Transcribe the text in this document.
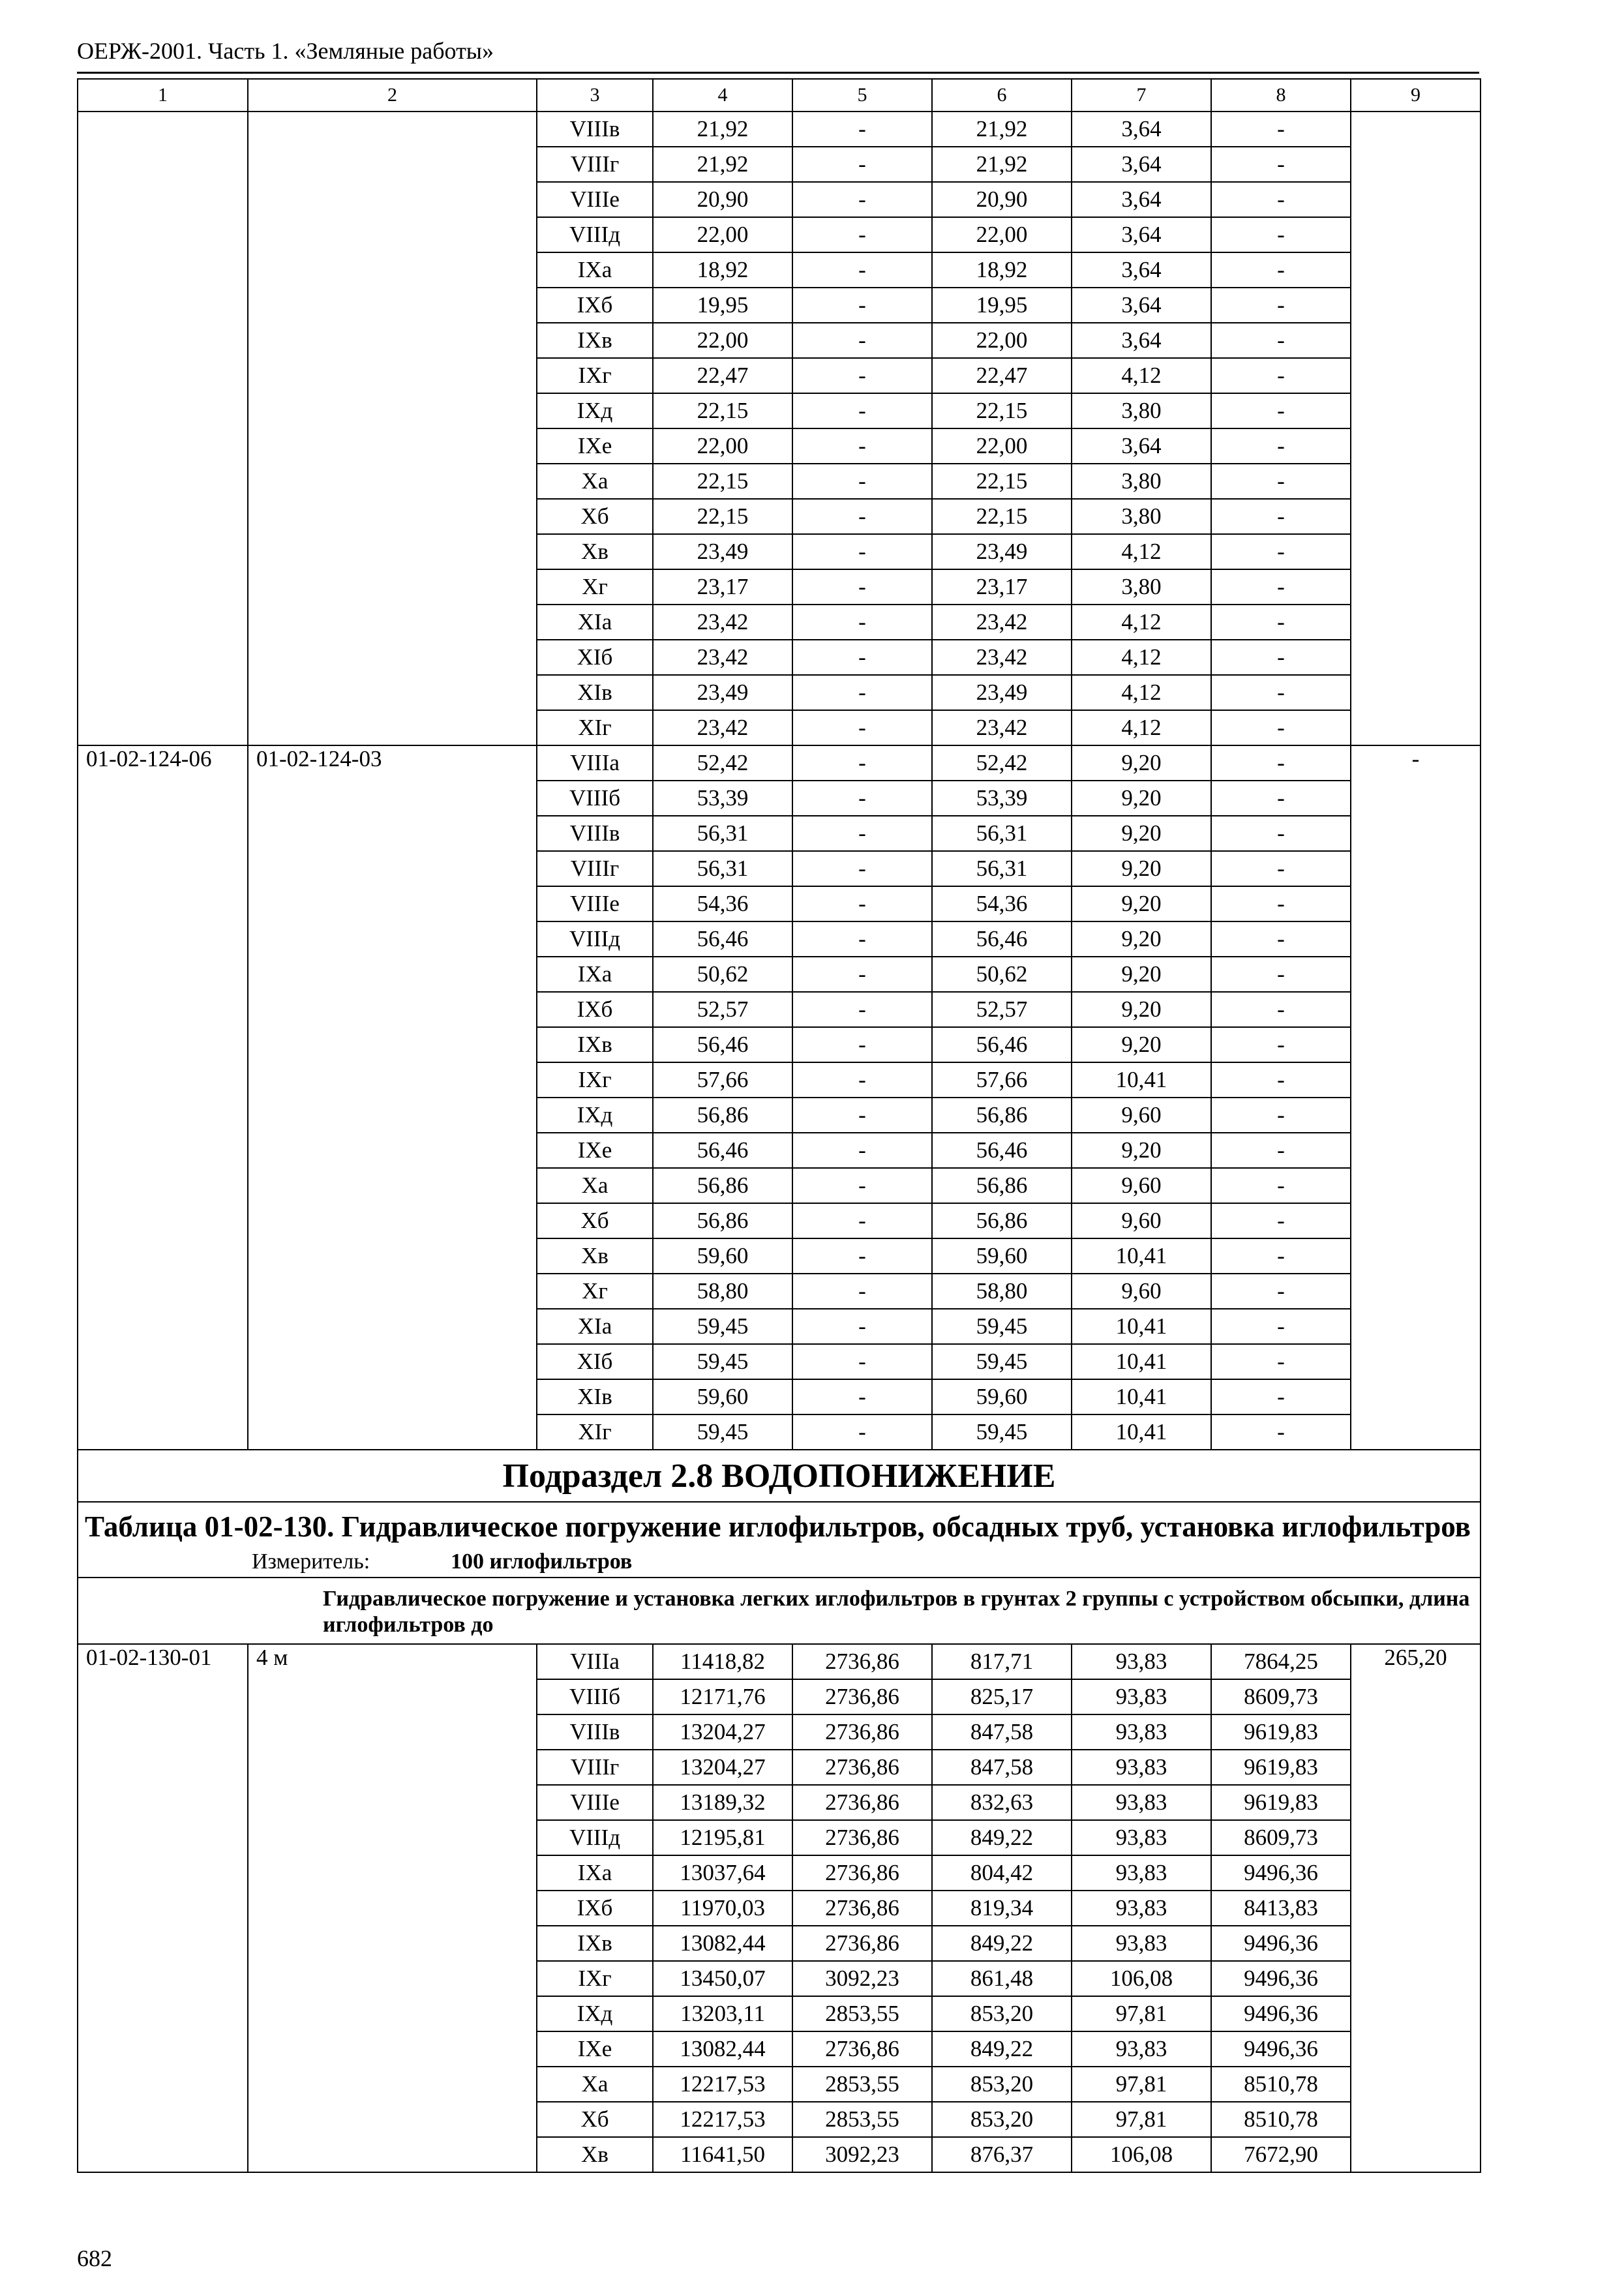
ОЕРЖ-2001. Часть 1. «Земляные работы»
1	2	3	4	5	6	7	8	9
		VIIIв	21,92	-	21,92	3,64	-	
		VIIIг	21,92	-	21,92	3,64	-	
		VIIIе	20,90	-	20,90	3,64	-	
		VIIIд	22,00	-	22,00	3,64	-	
		IXа	18,92	-	18,92	3,64	-	
		IXб	19,95	-	19,95	3,64	-	
		IXв	22,00	-	22,00	3,64	-	
		IXг	22,47	-	22,47	4,12	-	
		IXд	22,15	-	22,15	3,80	-	
		IXе	22,00	-	22,00	3,64	-	
		Xа	22,15	-	22,15	3,80	-	
		Xб	22,15	-	22,15	3,80	-	
		Xв	23,49	-	23,49	4,12	-	
		Xг	23,17	-	23,17	3,80	-	
		XIа	23,42	-	23,42	4,12	-	
		XIб	23,42	-	23,42	4,12	-	
		XIв	23,49	-	23,49	4,12	-	
		XIг	23,42	-	23,42	4,12	-	
01-02-124-06	01-02-124-03	VIIIа	52,42	-	52,42	9,20	-	-
		VIIIб	53,39	-	53,39	9,20	-	
		VIIIв	56,31	-	56,31	9,20	-	
		VIIIг	56,31	-	56,31	9,20	-	
		VIIIе	54,36	-	54,36	9,20	-	
		VIIIд	56,46	-	56,46	9,20	-	
		IXа	50,62	-	50,62	9,20	-	
		IXб	52,57	-	52,57	9,20	-	
		IXв	56,46	-	56,46	9,20	-	
		IXг	57,66	-	57,66	10,41	-	
		IXд	56,86	-	56,86	9,60	-	
		IXе	56,46	-	56,46	9,20	-	
		Xа	56,86	-	56,86	9,60	-	
		Xб	56,86	-	56,86	9,60	-	
		Xв	59,60	-	59,60	10,41	-	
		Xг	58,80	-	58,80	9,60	-	
		XIа	59,45	-	59,45	10,41	-	
		XIб	59,45	-	59,45	10,41	-	
		XIв	59,60	-	59,60	10,41	-	
		XIг	59,45	-	59,45	10,41	-	
Подраздел 2.8 ВОДОПОНИЖЕНИЕ								
Таблица 01-02-130. Гидравлическое погружение иглофильтров, обсадных труб, установка иглофильтров								
Измеритель: 100 иглофильтров								
Гидравлическое погружение и установка легких иглофильтров в грунтах 2 группы с устройством обсыпки, длина иглофильтров до								
01-02-130-01	4 м	VIIIа	11418,82	2736,86	817,71	93,83	7864,25	265,20
		VIIIб	12171,76	2736,86	825,17	93,83	8609,73	
		VIIIв	13204,27	2736,86	847,58	93,83	9619,83	
		VIIIг	13204,27	2736,86	847,58	93,83	9619,83	
		VIIIе	13189,32	2736,86	832,63	93,83	9619,83	
		VIIIд	12195,81	2736,86	849,22	93,83	8609,73	
		IXа	13037,64	2736,86	804,42	93,83	9496,36	
		IXб	11970,03	2736,86	819,34	93,83	8413,83	
		IXв	13082,44	2736,86	849,22	93,83	9496,36	
		IXг	13450,07	3092,23	861,48	106,08	9496,36	
		IXд	13203,11	2853,55	853,20	97,81	9496,36	
		IXе	13082,44	2736,86	849,22	93,83	9496,36	
		Xа	12217,53	2853,55	853,20	97,81	8510,78	
		Xб	12217,53	2853,55	853,20	97,81	8510,78	
		Xв	11641,50	3092,23	876,37	106,08	7672,90	
682
